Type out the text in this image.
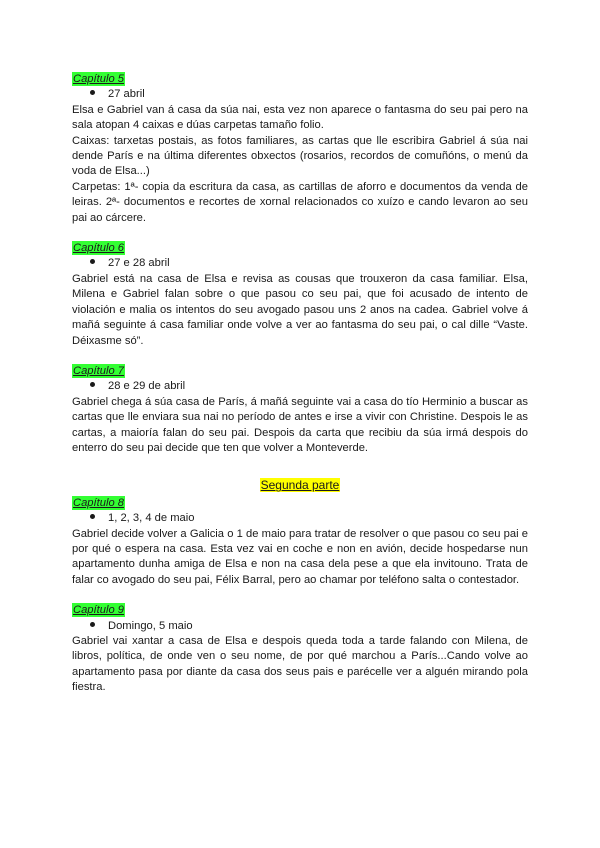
Capítulo 5
27 abril

Elsa e Gabriel van á casa da súa nai, esta vez non aparece o fantasma do seu pai pero na sala atopan 4 caixas e dúas carpetas tamaño folio.

Caixas: tarxetas postais, as fotos familiares, as cartas que lle escribira Gabriel á súa nai dende París e na última diferentes obxectos (rosarios, recordos de comuñóns, o menú da voda de Elsa...)

Carpetas: 1ª- copia da escritura da casa, as cartillas de aforro e documentos da venda de leiras. 2ª- documentos e recortes de xornal relacionados co xuízo e cando levaron ao seu pai ao cárcere.

Capítulo 6
27 e 28 abril

Gabriel está na casa de Elsa e revisa as cousas que trouxeron da casa familiar. Elsa, Milena e Gabriel falan sobre o que pasou co seu pai, que foi acusado de intento de violación e malia os intentos do seu avogado pasou uns 2 anos na cadea. Gabriel volve á mañá seguinte á casa familiar onde volve a ver ao fantasma do seu pai, o cal dille “Vaste. Déixasme só”.

Capítulo 7
28 e 29 de abril

Gabriel chega á súa casa de París, á mañá seguinte vai a casa do tío Herminio a buscar as cartas que lle enviara sua nai no período de antes e irse a vivir con Christine. Despois le as cartas, a maioría falan do seu pai. Despois da carta que recibiu da súa irmá despois do enterro do seu pai decide que ten que volver a Monteverde.

Segunda parte
Capítulo 8
1, 2, 3, 4 de maio

Gabriel decide volver a Galicia o 1 de maio para tratar de resolver o que pasou co seu pai e por qué o espera na casa. Esta vez vai en coche e non en avión, decide hospedarse nun apartamento dunha amiga de Elsa e non na casa dela pese a que ela invitouno. Trata de falar co avogado do seu pai, Félix Barral, pero ao chamar por teléfono salta o contestador.

Capítulo 9
Domingo, 5 maio

Gabriel vai xantar a casa de Elsa e despois queda toda a tarde falando con Milena, de libros, política, de onde ven o seu nome, de por qué marchou a París...Cando volve ao apartamento pasa por diante da casa dos seus pais e parécelle ver a alguén mirando pola fiestra.
